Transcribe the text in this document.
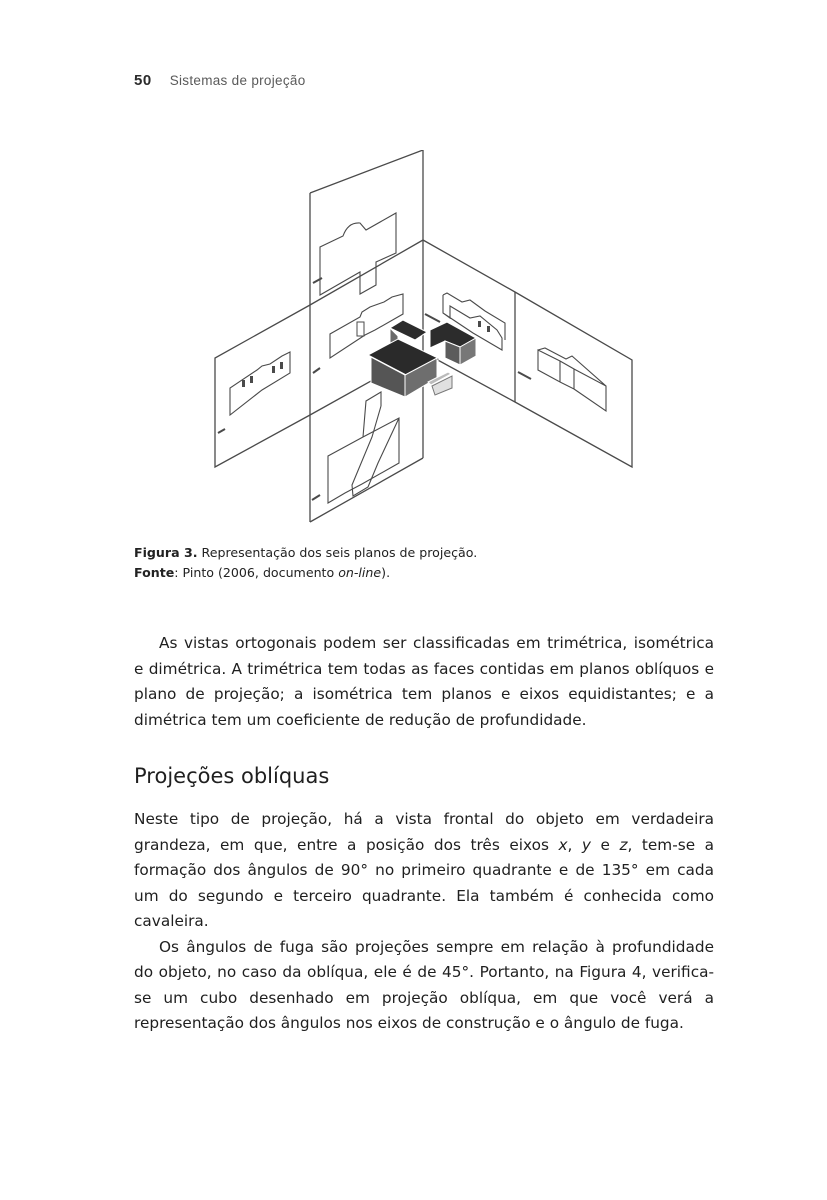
50 Sistemas de projeção
Figura 3. Representação dos seis planos de projeção.
Fonte: Pinto (2006, documento on-line).

As vistas ortogonais podem ser classificadas em trimétrica, isométrica e dimétrica. A trimétrica tem todas as faces contidas em planos oblíquos e plano de projeção; a isométrica tem planos e eixos equidistantes; e a dimétrica tem um coeficiente de redução de profundidade.

Projeções oblíquas

Neste tipo de projeção, há a vista frontal do objeto em verdadeira grandeza, em que, entre a posição dos três eixos x, y e z, tem-se a formação dos ângulos de 90° no primeiro quadrante e de 135° em cada um do segundo e terceiro quadrante. Ela também é conhecida como cavaleira.

Os ângulos de fuga são projeções sempre em relação à profundidade do objeto, no caso da oblíqua, ele é de 45°. Portanto, na Figura 4, verifica-se um cubo desenhado em projeção oblíqua, em que você verá a representação dos ângulos nos eixos de construção e o ângulo de fuga.
